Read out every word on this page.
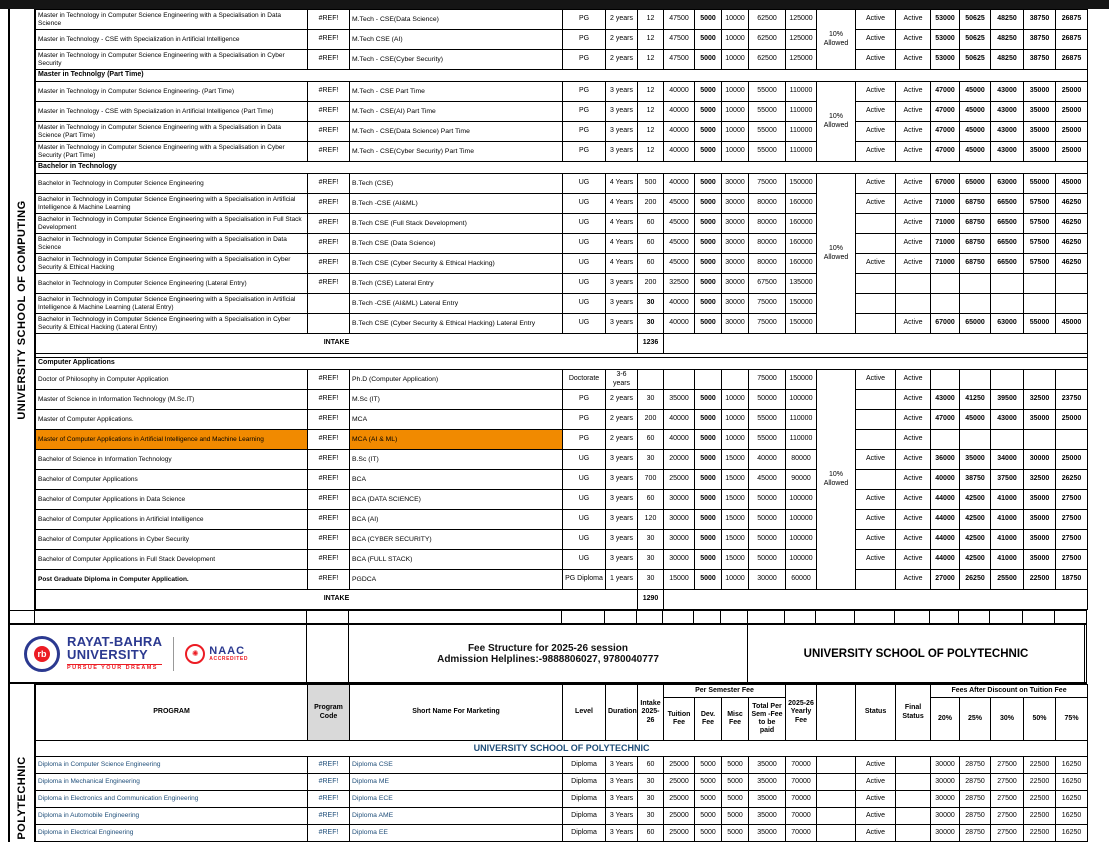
UNIVERSITY SCHOOL OF COMPUTING
Master in Technology in Computer Science Engineering with a Specialisation in Data Science	#REF!	M.Tech - CSE(Data Science)	PG	2 years	12	47500	5000	10000	62500	125000	10% Allowed	Active	Active	53000	50625	48250	38750	26875
Master in Technology - CSE with Specialization in Artificial Intelligence	#REF!	M.Tech CSE (AI)	PG	2 years	12	47500	5000	10000	62500	125000		Active	Active	53000	50625	48250	38750	26875
Master in Technology in Computer Science Engineering with a Specialisation in Cyber Security	#REF!	M.Tech - CSE(Cyber Security)	PG	2 years	12	47500	5000	10000	62500	125000		Active	Active	53000	50625	48250	38750	26875
Master in Technolgy (Part Time)																		
Master in Technology in Computer Science Engineering- (Part Time)	#REF!	M.Tech - CSE Part Time	PG	3 years	12	40000	5000	10000	55000	110000	10% Allowed	Active	Active	47000	45000	43000	35000	25000
Master in Technology - CSE with Specialization in Artificial Intelligence (Part Time)	#REF!	M.Tech - CSE(AI) Part Time	PG	3 years	12	40000	5000	10000	55000	110000		Active	Active	47000	45000	43000	35000	25000
Master in Technology in Computer Science Engineering with a Specialisation in Data Science (Part Time)	#REF!	M.Tech - CSE(Data Science) Part Time	PG	3 years	12	40000	5000	10000	55000	110000		Active	Active	47000	45000	43000	35000	25000
Master in Technology in Computer Science Engineering with a Specialisation in Cyber Security (Part Time)	#REF!	M.Tech - CSE(Cyber Security) Part Time	PG	3 years	12	40000	5000	10000	55000	110000		Active	Active	47000	45000	43000	35000	25000
Bachelor in Technology																		
Bachelor in Technology in Computer Science Engineering	#REF!	B.Tech (CSE)	UG	4 Years	500	40000	5000	30000	75000	150000	10% Allowed	Active	Active	67000	65000	63000	55000	45000
Bachelor in Technology in Computer Science Engineering with a Specialisation in Artificial Intelligence & Machine Learning	#REF!	B.Tech -CSE (AI&ML)	UG	4 Years	200	45000	5000	30000	80000	160000		Active	Active	71000	68750	66500	57500	46250
Bachelor in Technology in Computer Science Engineering with a Specialisation in Full Stack Development	#REF!	B.Tech CSE (Full Stack Development)	UG	4 Years	60	45000	5000	30000	80000	160000			Active	71000	68750	66500	57500	46250
Bachelor in Technology in Computer Science Engineering with a Specialisation in Data Science	#REF!	B.Tech CSE (Data Science)	UG	4 Years	60	45000	5000	30000	80000	160000			Active	71000	68750	66500	57500	46250
Bachelor in Technology in Computer Science Engineering with a Specialisation in Cyber Security & Ethical Hacking	#REF!	B.Tech CSE (Cyber Security & Ethical Hacking)	UG	4 Years	60	45000	5000	30000	80000	160000		Active	Active	71000	68750	66500	57500	46250
Bachelor in Technology in Computer Science Engineering (Lateral Entry)	#REF!	B.Tech (CSE) Lateral Entry	UG	3 years	200	32500	5000	30000	67500	135000								
Bachelor in Technology in Computer Science Engineering with a Specialisation in Artificial Intelligence & Machine Learning (Lateral Entry)		B.Tech -CSE (AI&ML) Lateral Entry	UG	3 years	30	40000	5000	30000	75000	150000								
Bachelor in Technology in Computer Science Engineering with a Specialisation in Cyber Security & Ethical Hacking (Lateral Entry)		B.Tech CSE (Cyber Security & Ethical Hacking) Lateral Entry	UG	3 years	30	40000	5000	30000	75000	150000			Active	67000	65000	63000	55000	45000
INTAKE					1236													

Computer Applications																		
Doctor of Philosophy in Computer Application	#REF!	Ph.D (Computer Application)	Doctorate	3-6 years					75000	150000	10% Allowed	Active	Active					
Master of Science in Information Technology (M.Sc.IT)	#REF!	M.Sc (IT)	PG	2 years	30	35000	5000	10000	50000	100000			Active	43000	41250	39500	32500	23750
Master of Computer Applications.	#REF!	MCA	PG	2 years	200	40000	5000	10000	55000	110000			Active	47000	45000	43000	35000	25000
Master of Computer Applications in Artificial Intelligence and Machine Learning	#REF!	MCA (AI & ML)	PG	2 years	60	40000	5000	10000	55000	110000			Active					
Bachelor of Science in Information Technology	#REF!	B.Sc (IT)	UG	3 years	30	20000	5000	15000	40000	80000		Active	Active	36000	35000	34000	30000	25000
Bachelor of Computer Applications	#REF!	BCA	UG	3 years	700	25000	5000	15000	45000	90000			Active	40000	38750	37500	32500	26250
Bachelor of Computer Applications in Data Science	#REF!	BCA (DATA SCIENCE)	UG	3 years	60	30000	5000	15000	50000	100000		Active	Active	44000	42500	41000	35000	27500
Bachelor of Computer Applications in Artificial Intelligence	#REF!	BCA (AI)	UG	3 years	120	30000	5000	15000	50000	100000		Active	Active	44000	42500	41000	35000	27500
Bachelor of Computer Applications in Cyber Security	#REF!	BCA (CYBER SECURITY)	UG	3 years	30	30000	5000	15000	50000	100000		Active	Active	44000	42500	41000	35000	27500
Bachelor of Computer Applications in Full Stack Development	#REF!	BCA (FULL STACK)	UG	3 years	30	30000	5000	15000	50000	100000		Active	Active	44000	42500	41000	35000	27500
Post Graduate Diploma in Computer Application.	#REF!	PGDCA	PG Diploma	1 years	30	15000	5000	10000	30000	60000			Active	27000	26250	25500	22500	18750
INTAKE					1290													

rb
RAYAT-BAHRA
UNIVERSITY
PURSUE YOUR DREAMS
✺ NAAC
ACCREDITED
Fee Structure for 2025-26 session
Admission Helplines:-9888806027, 9780040777	UNIVERSITY SCHOOL OF POLYTECHNIC
POLYTECHNIC
PROGRAM	Program Code	Short Name For Marketing	Level	Duration	Intake 2025-26	Per Semester Fee				2025-26 Yearly Fee		Status	Final Status	Fees After Discount on Tuition Fee				
						Tuition Fee	Dev. Fee	Misc Fee	Total Per Sem -Fee to be paid					20%	25%	30%	50%	75%
UNIVERSITY SCHOOL OF POLYTECHNIC																		
Diploma in Computer Science Engineering	#REF!	Diploma CSE	Diploma	3 Years	60	25000	5000	5000	35000	70000		Active		30000	28750	27500	22500	16250
Diploma in Mechanical Engineering	#REF!	Diploma ME	Diploma	3 Years	30	25000	5000	5000	35000	70000		Active		30000	28750	27500	22500	16250
Diploma in Electronics and Communication Engineering	#REF!	Diploma ECE	Diploma	3 Years	30	25000	5000	5000	35000	70000		Active		30000	28750	27500	22500	16250
Diploma in Automobile Engineering	#REF!	Diploma AME	Diploma	3 Years	30	25000	5000	5000	35000	70000		Active		30000	28750	27500	22500	16250
Diploma in Electrical Engineering	#REF!	Diploma EE	Diploma	3 Years	60	25000	5000	5000	35000	70000		Active		30000	28750	27500	22500	16250
